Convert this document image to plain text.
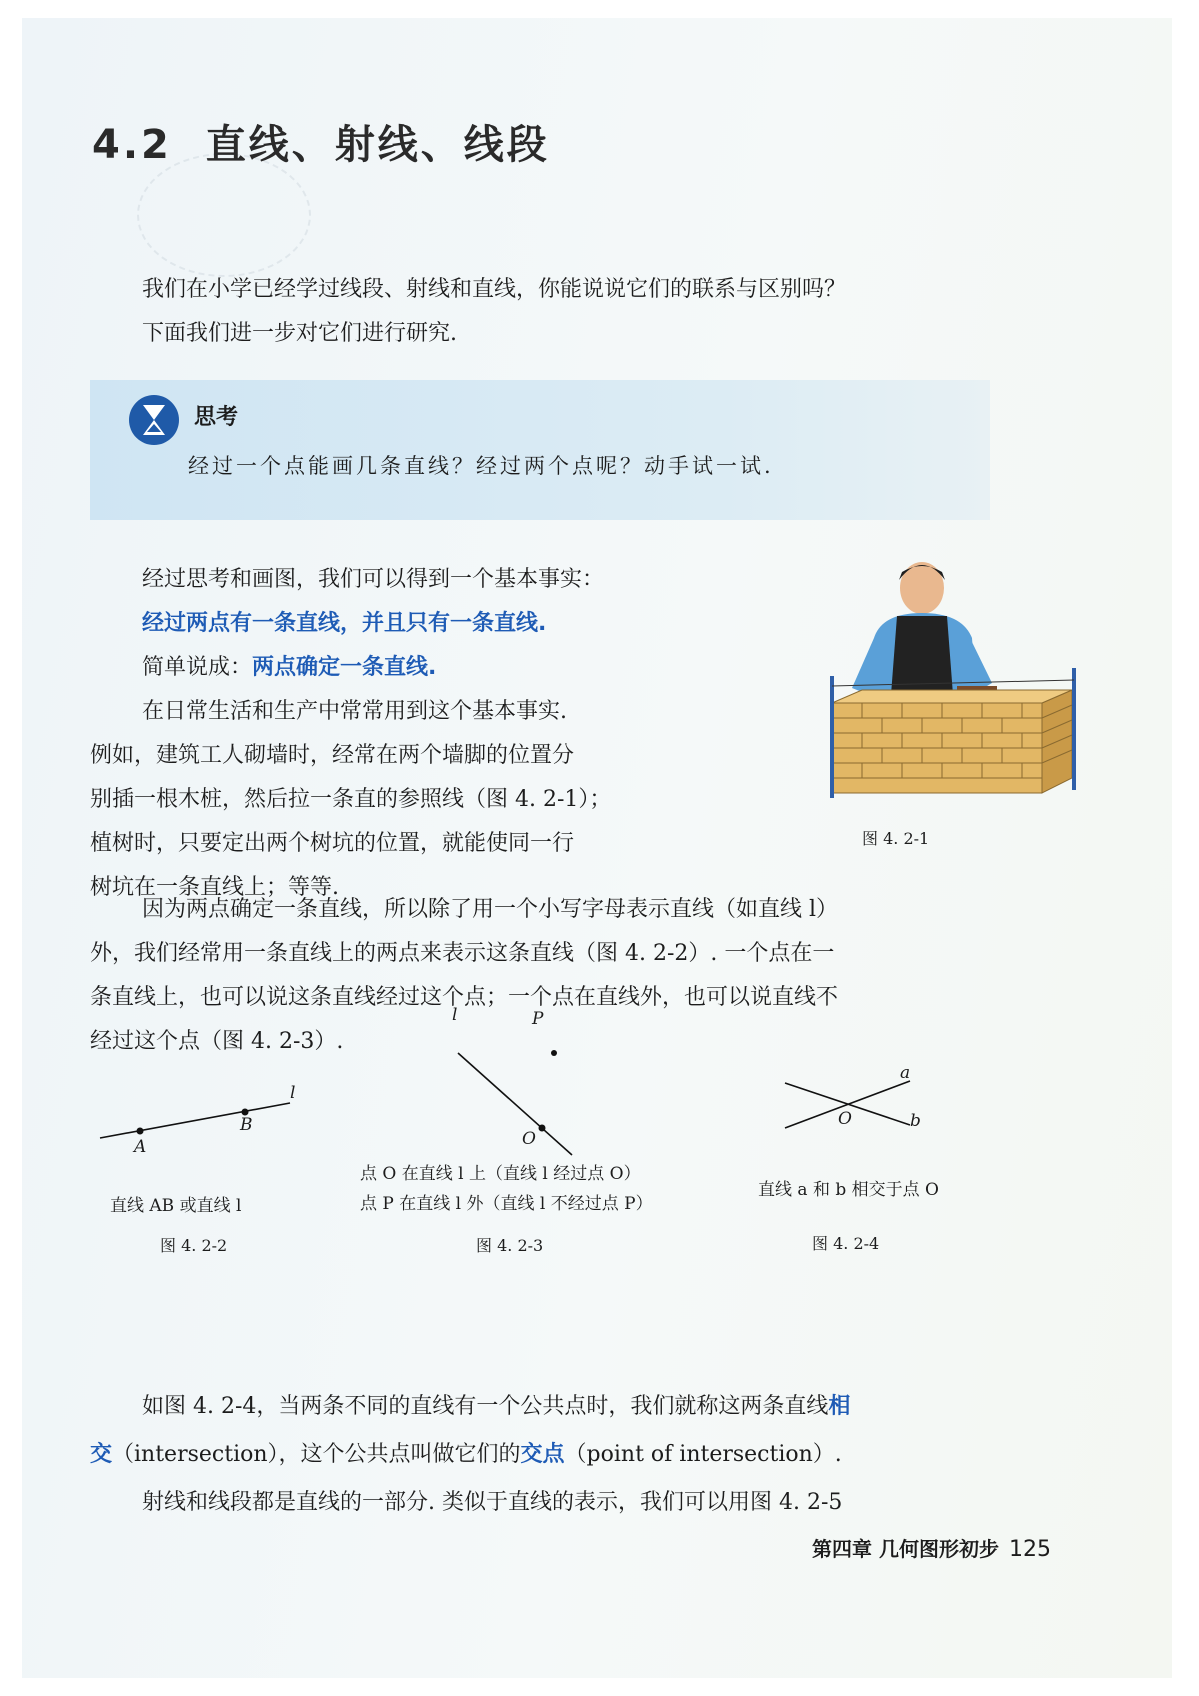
4.2 直线、射线、线段

我们在小学已经学过线段、射线和直线，你能说说它们的联系与区别吗？

下面我们进一步对它们进行研究.

思考
经过一个点能画几条直线？经过两个点呢？动手试一试.

经过思考和画图，我们可以得到一个基本事实：

经过两点有一条直线，并且只有一条直线.

简单说成：两点确定一条直线.

在日常生活和生产中常常用到这个基本事实.

例如，建筑工人砌墙时，经常在两个墙脚的位置分

别插一根木桩，然后拉一条直的参照线（图 4. 2-1）；

植树时，只要定出两个树坑的位置，就能使同一行

树坑在一条直线上；等等.

图 4. 2-1

因为两点确定一条直线，所以除了用一个小写字母表示直线（如直线 l）

外，我们经常用一条直线上的两点来表示这条直线（图 4. 2-2）. 一个点在一

条直线上，也可以说这条直线经过这个点；一个点在直线外，也可以说直线不

经过这个点（图 4. 2-3）.

A
B
l
直线 AB 或直线 l
图 4. 2-2
l	P
O
点 O 在直线 l 上（直线 l 经过点 O）
点 P 在直线 l 外（直线 l 不经过点 P）
图 4. 2-3
a
b
O
直线 a 和 b 相交于点 O
图 4. 2-4

如图 4. 2-4，当两条不同的直线有一个公共点时，我们就称这两条直线相

交（intersection），这个公共点叫做它们的交点（point of intersection）.

射线和线段都是直线的一部分. 类似于直线的表示，我们可以用图 4. 2-5

第四章 几何图形初步 125
